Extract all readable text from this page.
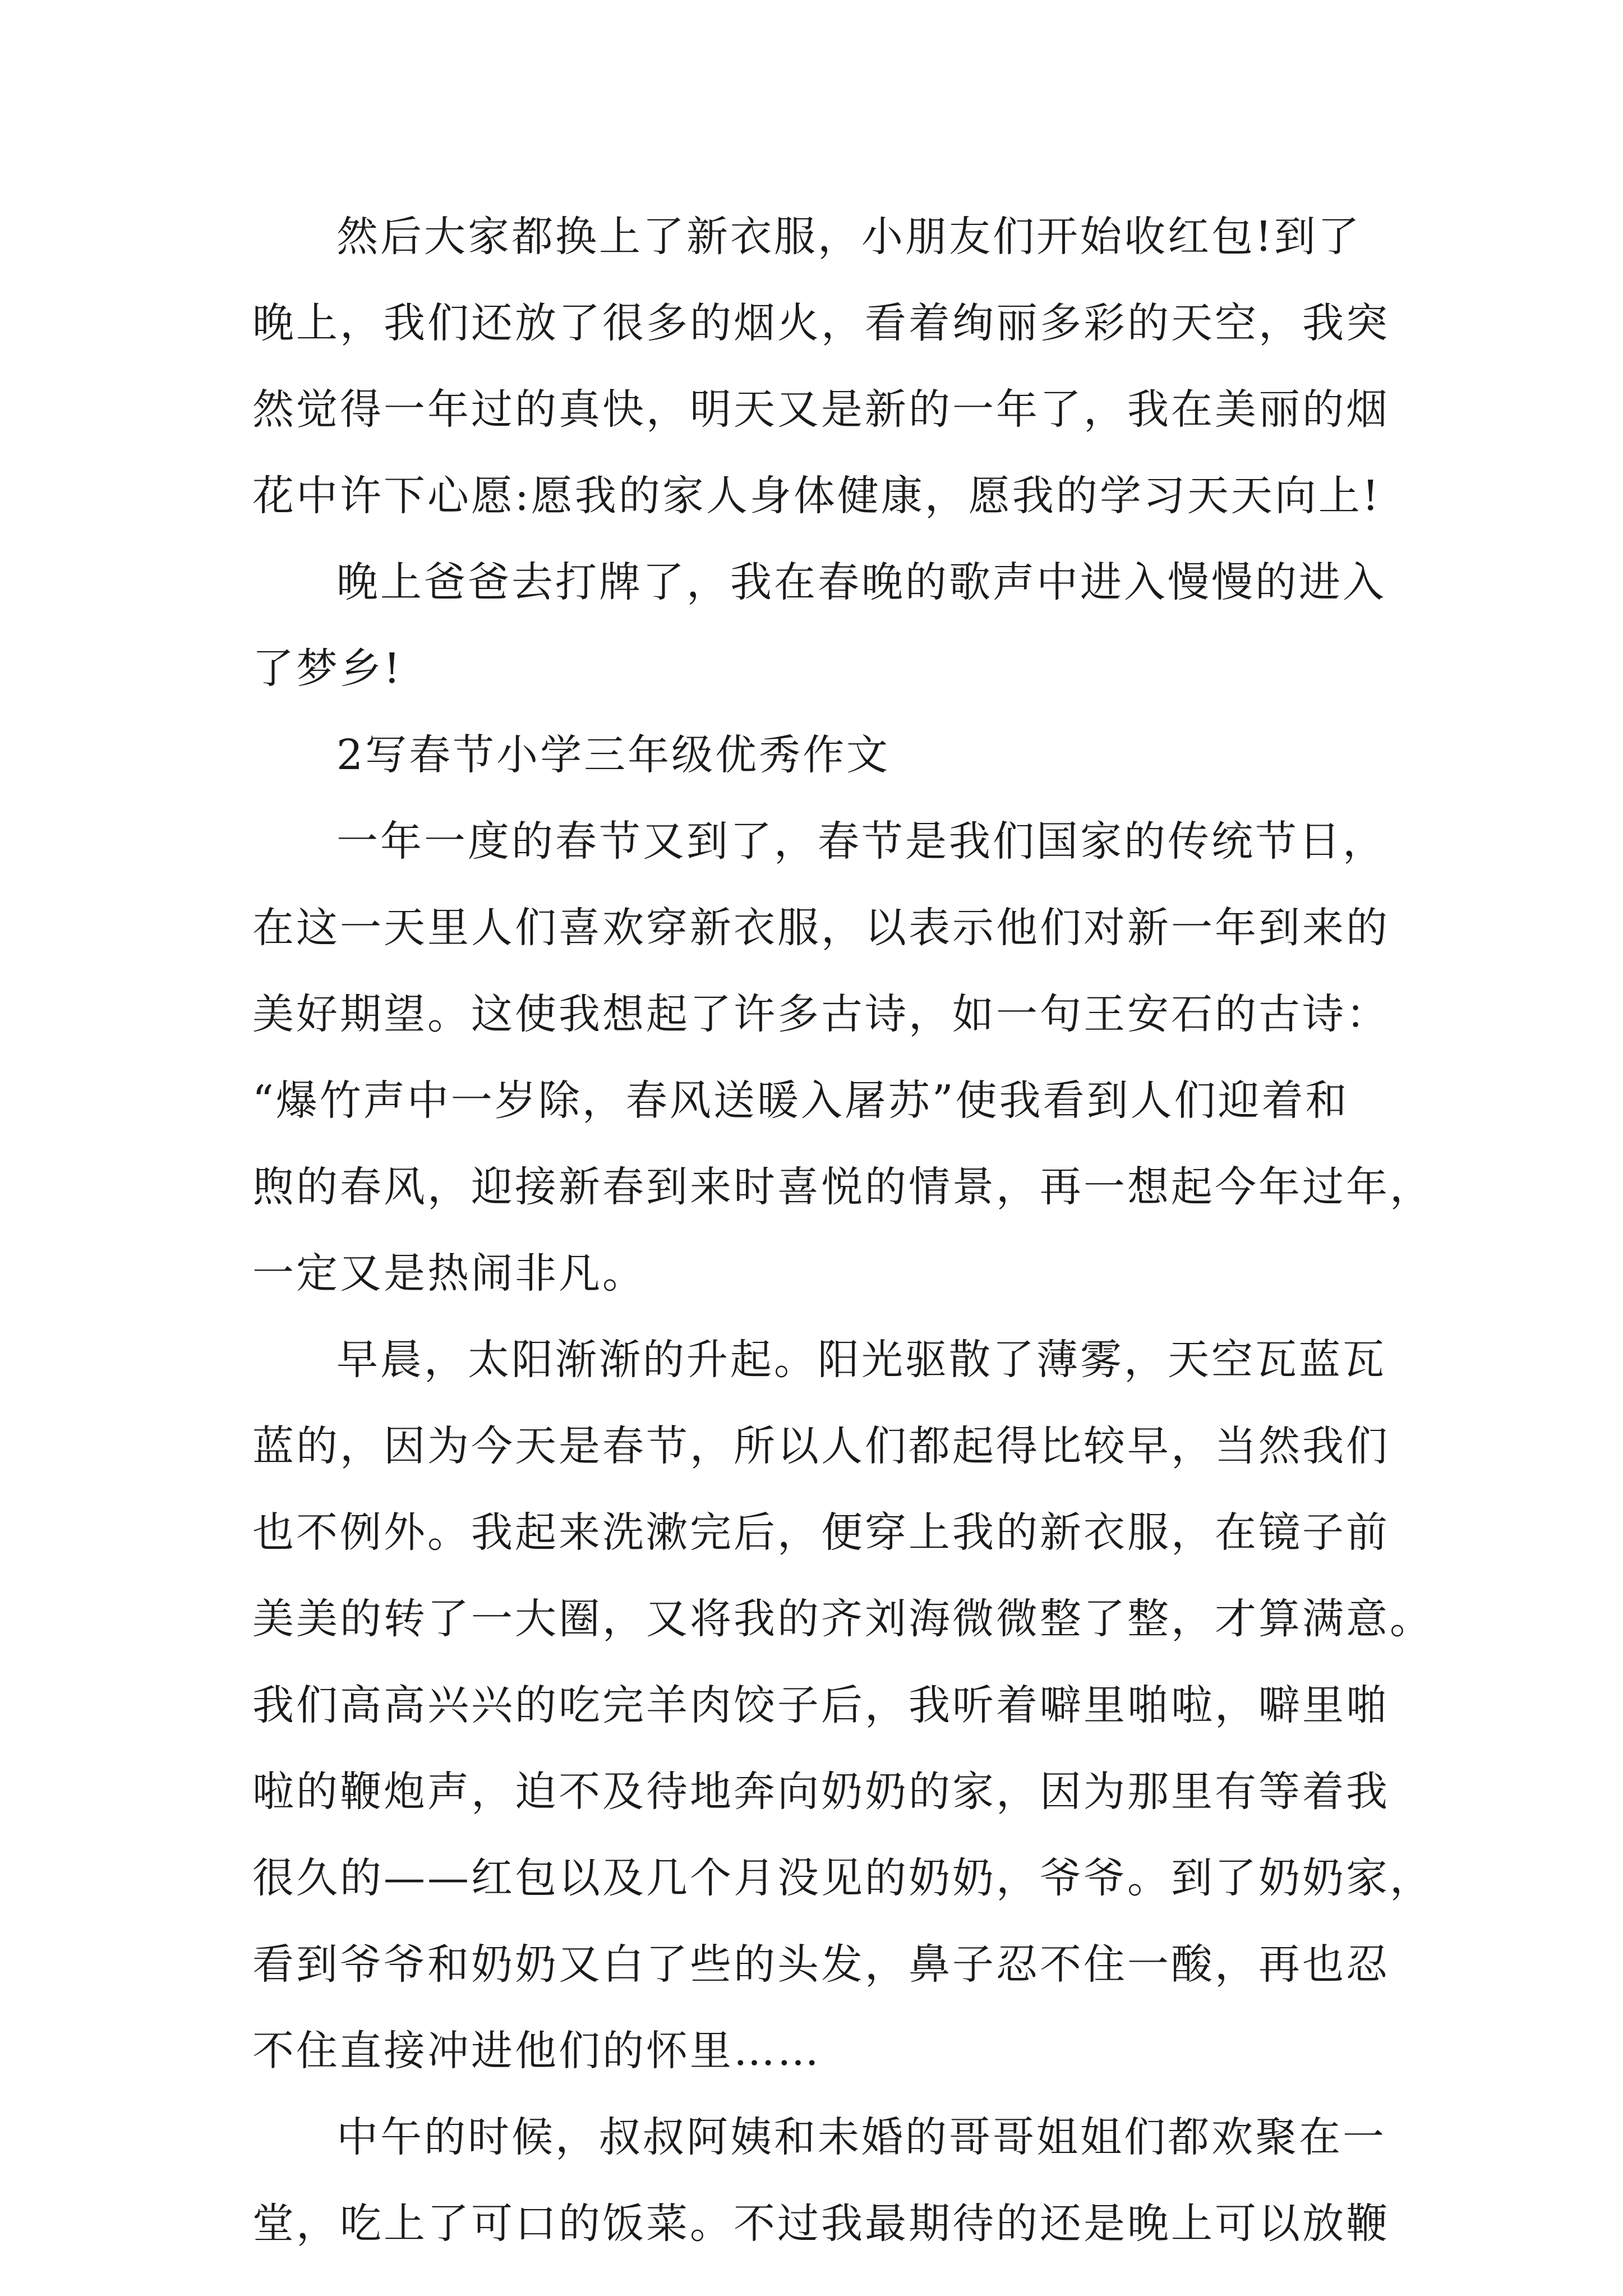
然后大家都换上了新衣服，小朋友们开始收红包!到了
晚上，我们还放了很多的烟火，看着绚丽多彩的天空，我突
然觉得一年过的真快，明天又是新的一年了，我在美丽的烟
花中许下心愿:愿我的家人身体健康，愿我的学习天天向上!
晚上爸爸去打牌了，我在春晚的歌声中进入慢慢的进入
了梦乡!
2写春节小学三年级优秀作文
一年一度的春节又到了，春节是我们国家的传统节日，
在这一天里人们喜欢穿新衣服，以表示他们对新一年到来的
美好期望。这使我想起了许多古诗，如一句王安石的古诗：
“爆竹声中一岁除，春风送暖入屠苏”使我看到人们迎着和
煦的春风，迎接新春到来时喜悦的情景，再一想起今年过年，
一定又是热闹非凡。
早晨，太阳渐渐的升起。阳光驱散了薄雾，天空瓦蓝瓦
蓝的，因为今天是春节，所以人们都起得比较早，当然我们
也不例外。我起来洗漱完后，便穿上我的新衣服，在镜子前
美美的转了一大圈，又将我的齐刘海微微整了整，才算满意。
我们高高兴兴的吃完羊肉饺子后，我听着噼里啪啦，噼里啪
啦的鞭炮声，迫不及待地奔向奶奶的家，因为那里有等着我
很久的——红包以及几个月没见的奶奶，爷爷。到了奶奶家，
看到爷爷和奶奶又白了些的头发，鼻子忍不住一酸，再也忍
不住直接冲进他们的怀里……
中午的时候，叔叔阿姨和未婚的哥哥姐姐们都欢聚在一
堂，吃上了可口的饭菜。不过我最期待的还是晚上可以放鞭
